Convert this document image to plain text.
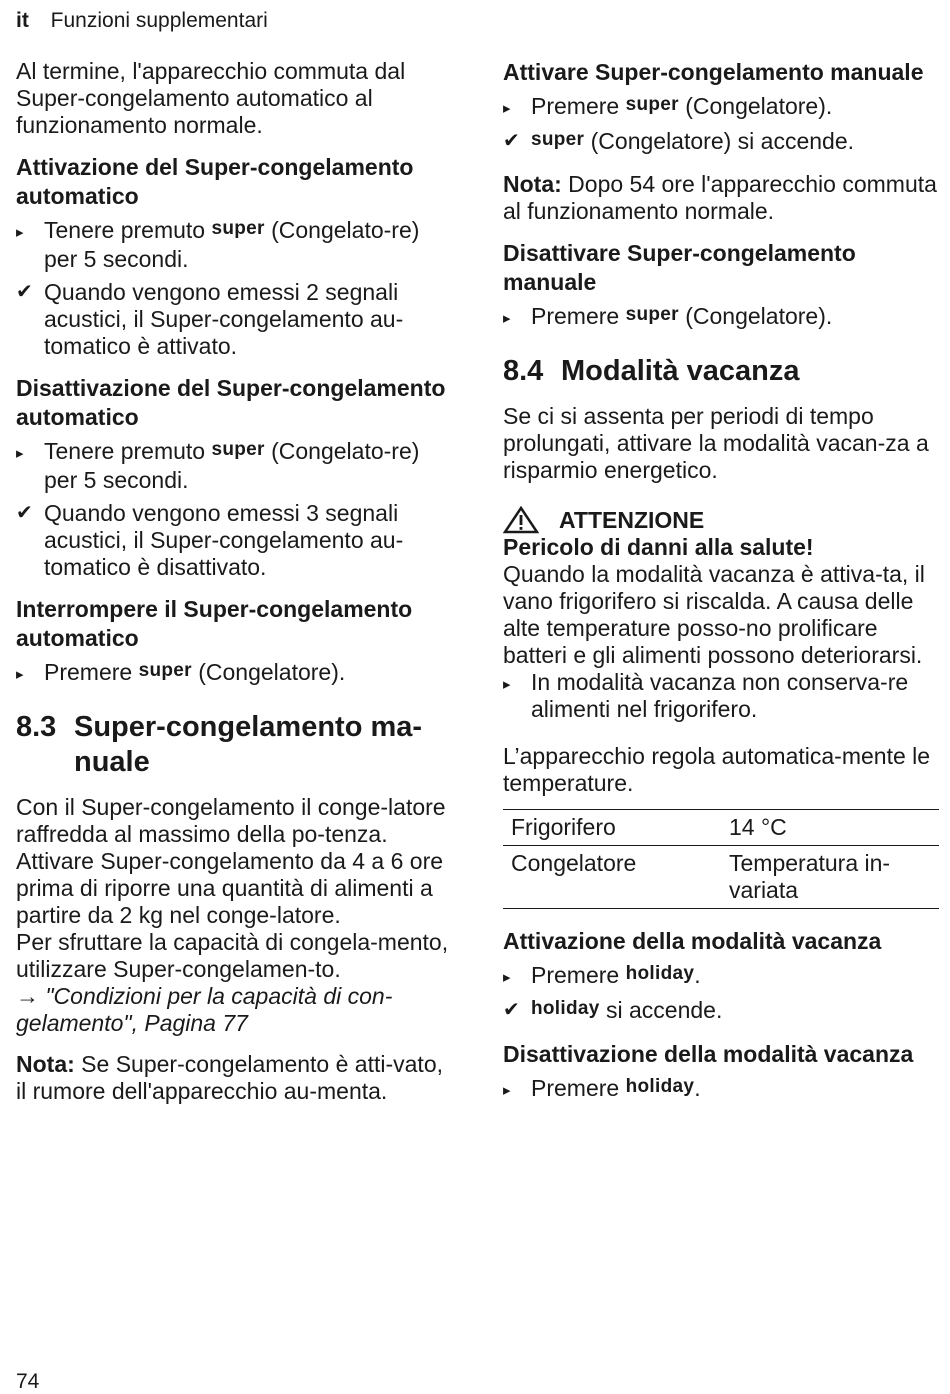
it Funzioni supplementari

Al termine, l'apparecchio commuta dal Super-congelamento automatico al funzionamento normale.

Attivazione del Super-congelamento automatico
▸ Tenere premuto super (Congelato-re) per 5 secondi.
✔ Quando vengono emessi 2 segnali acustici, il Super-congelamento au-tomatico è attivato.
Disattivazione del Super-congelamento automatico
▸ Tenere premuto super (Congelato-re) per 5 secondi.
✔ Quando vengono emessi 3 segnali acustici, il Super-congelamento au-tomatico è disattivato.
Interrompere il Super-congelamento automatico
▸ Premere super (Congelatore).
8.3 Super-congelamento ma-nuale

Con il Super-congelamento il conge-latore raffredda al massimo della po-tenza.

Attivare Super-congelamento da 4 a 6 ore prima di riporre una quantità di alimenti a partire da 2 kg nel conge-latore.

Per sfruttare la capacità di congela-mento, utilizzare Super-congelamen-to.

→ "Condizioni per la capacità di con-gelamento", Pagina 77

Nota: Se Super-congelamento è atti-vato, il rumore dell'apparecchio au-menta.

Attivare Super-congelamento manuale
▸ Premere super (Congelatore).
✔ super (Congelatore) si accende.

Nota: Dopo 54 ore l'apparecchio commuta al funzionamento normale.

Disattivare Super-congelamento manuale
▸ Premere super (Congelatore).
8.4 Modalità vacanza

Se ci si assenta per periodi di tempo prolungati, attivare la modalità vacan-za a risparmio energetico.

ATTENZIONE

Pericolo di danni alla salute!

Quando la modalità vacanza è attiva-ta, il vano frigorifero si riscalda. A causa delle alte temperature posso-no prolificare batteri e gli alimenti possono deteriorarsi.

▸ In modalità vacanza non conserva-re alimenti nel frigorifero.

L’apparecchio regola automatica-mente le temperature.

Frigorifero	14 °C
Congelatore	Temperatura in-variata
Attivazione della modalità vacanza
▸ Premere holiday.
✔ holiday si accende.
Disattivazione della modalità vacanza
▸ Premere holiday.
74
